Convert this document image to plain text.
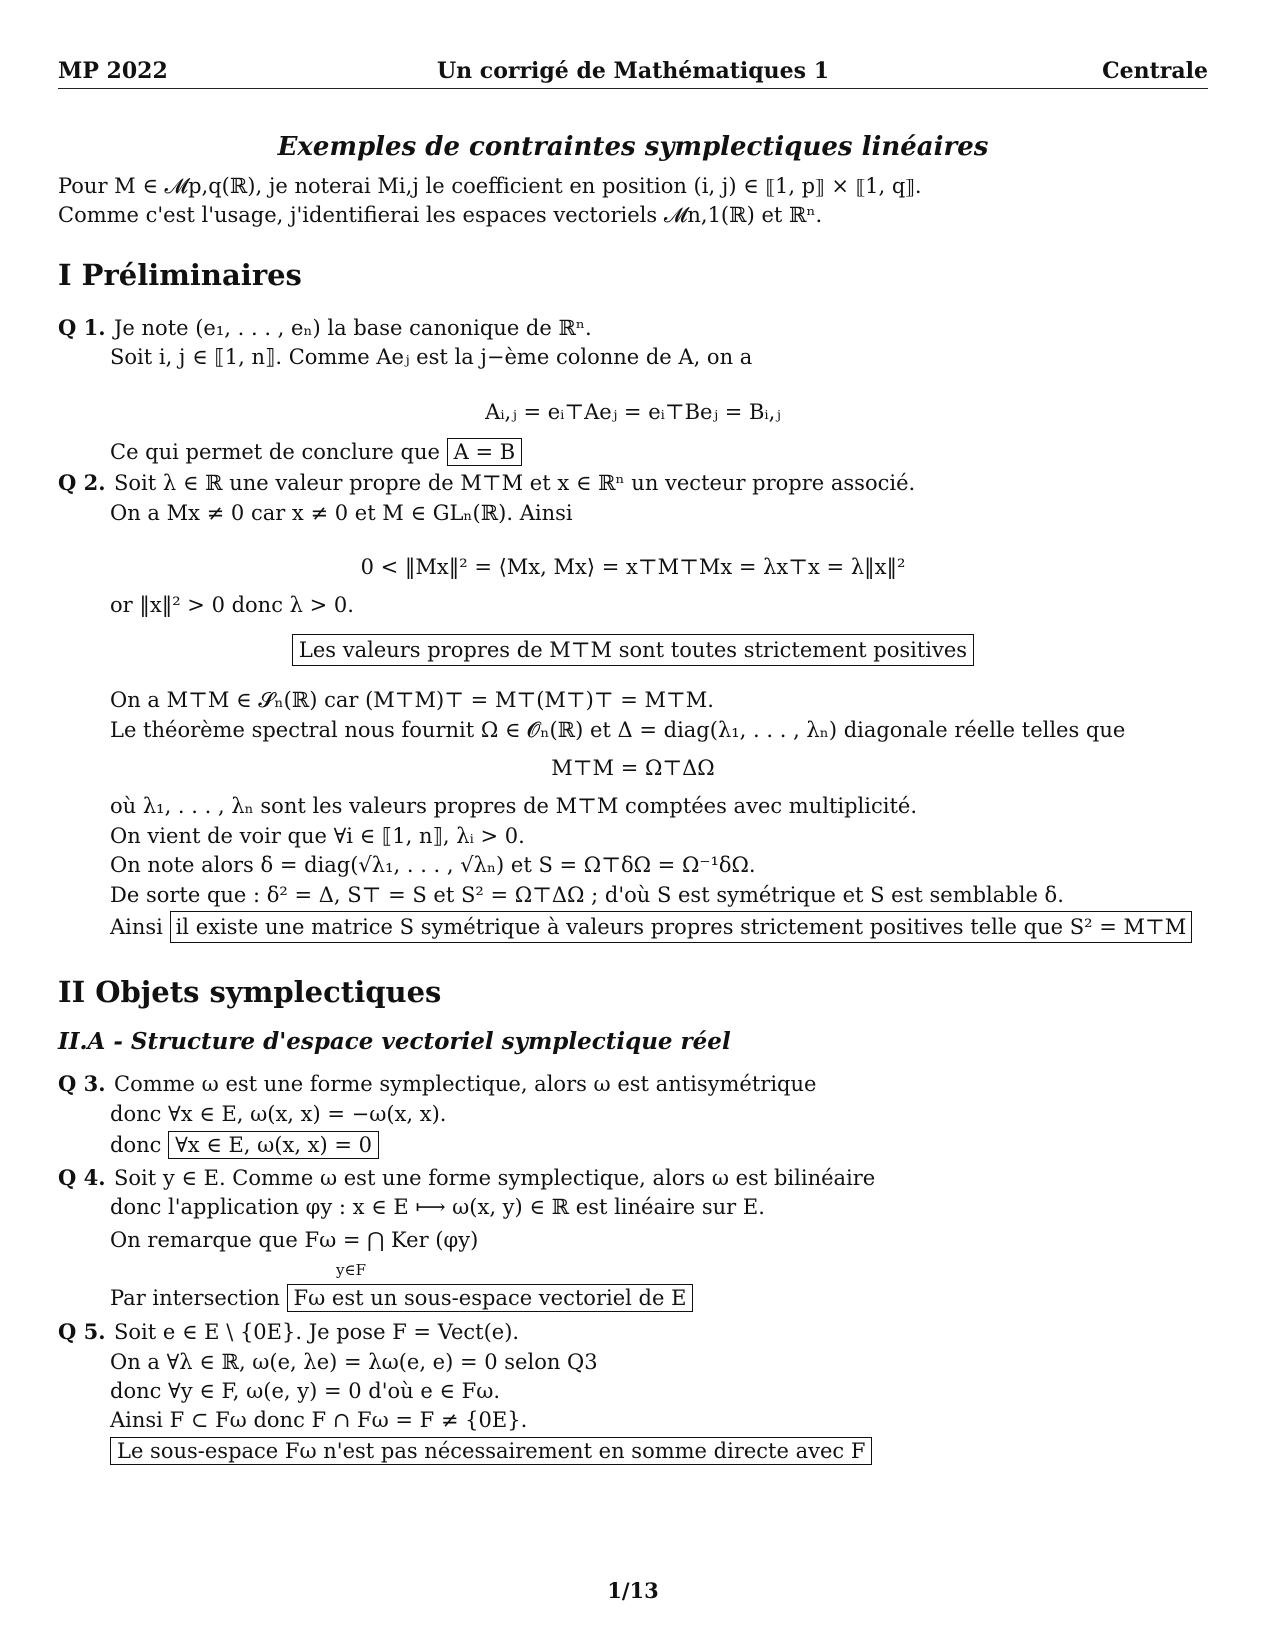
MP 2022	Un corrigé de Mathématiques 1	Centrale
Exemples de contraintes symplectiques linéaires
Pour M ∈ 𝓜p,q(ℝ), je noterai Mi,j le coefficient en position (i, j) ∈ ⟦1, p⟧ × ⟦1, q⟧.
Comme c'est l'usage, j'identifierai les espaces vectoriels 𝓜n,1(ℝ) et ℝⁿ.
I Préliminaires
Q 1. Je note (e₁, . . . , eₙ) la base canonique de ℝⁿ.
Soit i, j ∈ ⟦1, n⟧. Comme Aeⱼ est la j−ème colonne de A, on a
Aᵢ,ⱼ = eᵢ⊤Aeⱼ = eᵢ⊤Beⱼ = Bᵢ,ⱼ
Ce qui permet de conclure que A = B
Q 2. Soit λ ∈ ℝ une valeur propre de M⊤M et x ∈ ℝⁿ un vecteur propre associé.
On a Mx ≠ 0 car x ≠ 0 et M ∈ GLₙ(ℝ). Ainsi
0 < ‖Mx‖² = ⟨Mx, Mx⟩ = x⊤M⊤Mx = λx⊤x = λ‖x‖²
or ‖x‖² > 0 donc λ > 0.
Les valeurs propres de M⊤M sont toutes strictement positives
On a M⊤M ∈ 𝓢ₙ(ℝ) car (M⊤M)⊤ = M⊤(M⊤)⊤ = M⊤M.
Le théorème spectral nous fournit Ω ∈ 𝓞ₙ(ℝ) et Δ = diag(λ₁, . . . , λₙ) diagonale réelle telles que
M⊤M = Ω⊤ΔΩ
où λ₁, . . . , λₙ sont les valeurs propres de M⊤M comptées avec multiplicité.
On vient de voir que ∀i ∈ ⟦1, n⟧, λᵢ > 0.
On note alors δ = diag(√λ₁, . . . , √λₙ) et S = Ω⊤δΩ = Ω⁻¹δΩ.
De sorte que : δ² = Δ, S⊤ = S et S² = Ω⊤ΔΩ ; d'où S est symétrique et S est semblable δ.
Ainsi il existe une matrice S symétrique à valeurs propres strictement positives telle que S² = M⊤M
II Objets symplectiques
II.A - Structure d'espace vectoriel symplectique réel
Q 3. Comme ω est une forme symplectique, alors ω est antisymétrique
donc ∀x ∈ E, ω(x, x) = −ω(x, x).
donc ∀x ∈ E, ω(x, x) = 0
Q 4. Soit y ∈ E. Comme ω est une forme symplectique, alors ω est bilinéaire
donc l'application φy : x ∈ E ⟼ ω(x, y) ∈ ℝ est linéaire sur E.
On remarque que Fω = ⋂ Ker (φy)
y∈F
Par intersection Fω est un sous-espace vectoriel de E
Q 5. Soit e ∈ E \ {0E}. Je pose F = Vect(e).
On a ∀λ ∈ ℝ, ω(e, λe) = λω(e, e) = 0 selon Q3
donc ∀y ∈ F, ω(e, y) = 0 d'où e ∈ Fω.
Ainsi F ⊂ Fω donc F ∩ Fω = F ≠ {0E}.
Le sous-espace Fω n'est pas nécessairement en somme directe avec F
1/13
